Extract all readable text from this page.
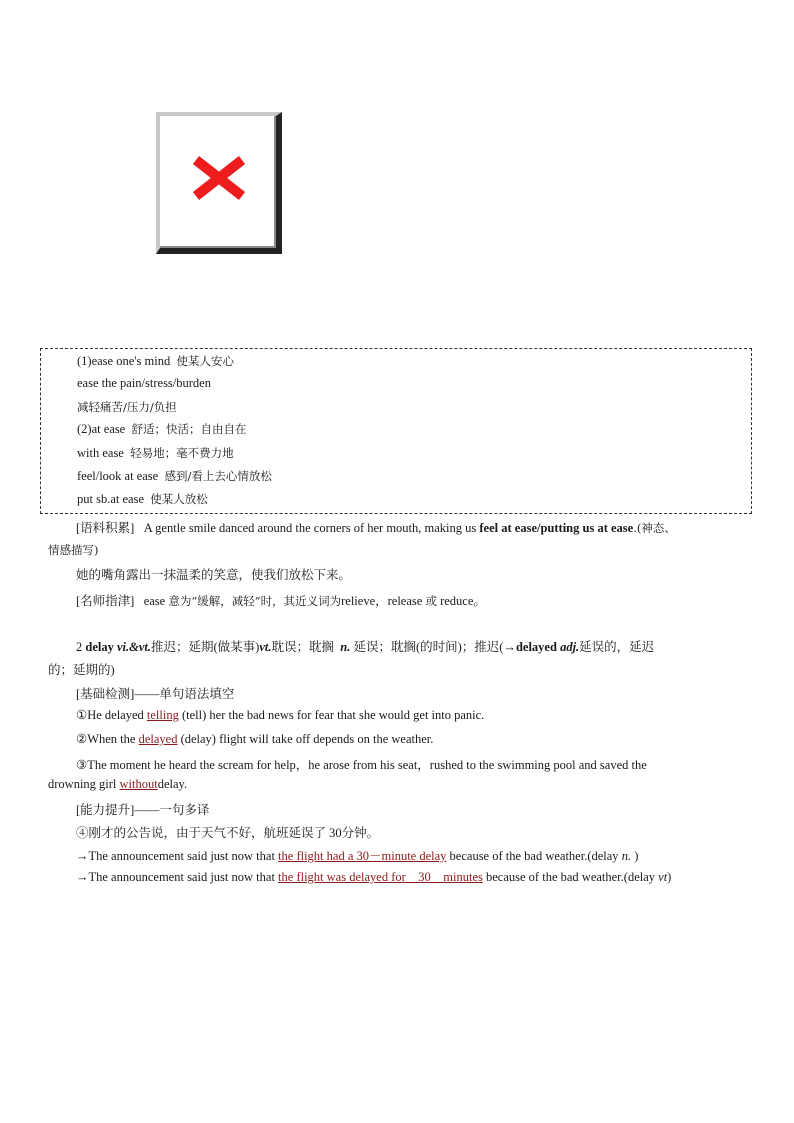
(1)ease one's mind 使某人安心
ease the pain/stress/burden
减轻痛苦/压力/负担
(2)at ease 舒适；快活；自由自在
with ease 轻易地；毫不费力地
feel/look at ease 感到/看上去心情放松
put sb.at ease 使某人放松
[语料积累] A gentle smile danced around the corners of her mouth, making us feel at ease/putting us at ease.(神态、
情感描写)
她的嘴角露出一抹温柔的笑意，使我们放松下来。
[名师指津] ease 意为“缓解，减轻”时，其近义词为relieve，release 或 reduce。
2 delay vi.&vt.推迟；延期(做某事)vt.耽误；耽搁 n. 延误；耽搁(的时间)；推迟(→delayed adj.延误的，延迟
的；延期的)
[基础检测]——单句语法填空
①He delayed telling (tell) her the bad news for fear that she would get into panic.
②When the delayed (delay) flight will take off depends on the weather.
③The moment he heard the scream for help，he arose from his seat，rushed to the swimming pool and saved the
drowning girl withoutdelay.
[能力提升]——一句多译
④刚才的公告说，由于天气不好，航班延误了 30分钟。
→The announcement said just now that the flight had a 30－minute delay because of the bad weather.(delay n. )
→The announcement said just now that the flight was delayed for    30    minutes because of the bad weather.(delay vt)
